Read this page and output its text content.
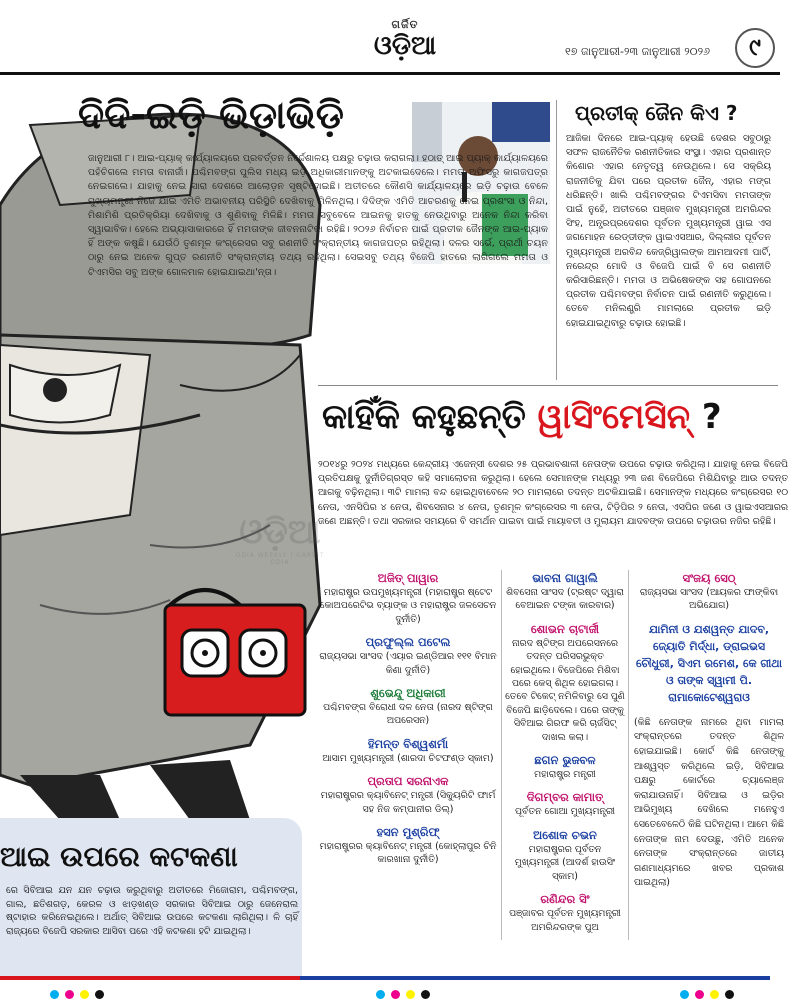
ଗର୍ଜିତ
ଓଡ଼ିଆ	୧୭ ଜାନୁଆରୀ-୨୩ ଜାନୁଆରୀ ୨୦୨୬	୯
ଦିଦି-ଇଡ଼ି ଭିଡ଼ାଭିଡ଼ି
ଜାନୁଆରୀ ୮। ଆଇ-ପ୍ୟାକ୍ କାର୍ଯ୍ୟାଳୟରେ ପ୍ରବର୍ତ୍ତନ ନିର୍ଦ୍ଦେଶାଳୟ ପକ୍ଷରୁ ଚଢ଼ାଉ କରାଗଲା। ହଠାତ୍ ଆଇ ପ୍ୟାକ୍ କାର୍ଯ୍ୟାଳୟରେ ପହଁଚିଗଲେ ମମତା ବାନାର୍ଜୀ। ପଶ୍ଚିମବଙ୍ଗ ପୁଲିସ ମଧ୍ୟ ଇଡ଼ି ଅଧିକାରୀମାନଙ୍କୁ ଅଟକାଇଦେଲେ। ମମତା ଅଫିସରୁ କାଗଜପତ୍ର ନେଇଗଲେ। ଯାହାକୁ ନେଇ ସାରା ଦେଶରେ ଆଲୋଡ଼ନ ସୃଷ୍ଟିହୋଇଛି। ଅତୀତରେ କୌଣସି କାର୍ଯ୍ୟାଳୟରେ ଇଡ଼ି ଚଢ଼ାଉ ବେଳେ ମୁଖ୍ୟମନ୍ତ୍ରୀ ନିଜେ ଯାଇ ଏମିତି ଅଭାବନୀୟ ପରିସ୍ଥିତି ଦେଖିବାକୁ ମିଳିନଥିଲା। ଦିଦିଙ୍କ ଏମିତି ଆଚରଣକୁ ନେଇ ପ୍ରଶଂସା ଓ ନିନ୍ଦା, ମିଶାମିଶି ପ୍ରତିକ୍ରିୟା ଦେଖିବାକୁ ଓ ଶୁଣିବାକୁ ମିଳିଛି। ମମତା ସବୁବେଳେ ଆଇନକୁ ହାତକୁ ନେଉଥିବାରୁ ଅନେକ ନିନ୍ଦା କରିବା ସ୍ୱାଭାବିକ। ହେଲେ ଅଭ୍ୟାସାକାରରେ ହିଁ ମମତାଙ୍କ ଜୀବନନାଟିକା ରହିଛି। ୨୦୨୬ ନିର୍ବାଚନ ପାଇଁ ପ୍ରତୀକ ଜୈନଙ୍କ ଆଇ-ପ୍ୟାକ ହିଁ ଅଙ୍କ କଷୁଛି। ଯେଉଁଠି ତୃଣମୂଳ କଂଗ୍ରେସର ସବୁ ରଣନୀତି ସଂକ୍ରାନ୍ତୀୟ କାଗଜପତ୍ର ରହିଥିଲା। ଦଳର ସର୍ଭେ, ପ୍ରାର୍ଥୀ ଚୟନ ଠାରୁ ନେଇ ଅନେକ ଗୁପ୍ତ ରଣନୀତି ସଂକ୍ରାନ୍ତୀୟ ତଥ୍ୟ ରହିଥିଲା। ସେଇସବୁ ତଥ୍ୟ ବିଜେପି ହାତରେ ଲାଗିଗଲେ ମମତା ଓ ଟିଏମସିର ସବୁ ଅଙ୍କ ଗୋଳମାଳ ହୋଇଯାଇଥା'ନ୍ତା।
ପ୍ରତୀକ୍ ଜୈନ କିଏ ?
ଆଜିକା ଦିନରେ ଆଇ-ପ୍ୟାକ୍ ହେଉଛି ଦେଶର ସବୁଠାରୁ ସଫଳ ରାଜନୈତିକ ରଣନୀତିକାର ସଂସ୍ଥା। ଏହାର ପ୍ରଶାନ୍ତ କିଶୋର ଏହାର ନେତୃତ୍ୱ ନେଉଥିଲେ। ସେ ସକ୍ରିୟ ରାଜନୀତିକୁ ଯିବା ପରେ ପ୍ରତୀକ ଜୈନ୍, ଏହାର ମଙ୍ଗ ଧରିଛନ୍ତି। ଖାଲି ପଶ୍ଚିମବଙ୍ଗର ଟିଏମସିବା ମମତାଙ୍କ ପାଇଁ ନୁହେଁ, ଅତୀତରେ ପଞ୍ଜାବ ମୁଖ୍ୟମନ୍ତ୍ରୀ ଅମରିନ୍ଦର ସିଂହ, ଅନ୍ଧ୍ରପ୍ରଦେଶର ପୂର୍ବତନ ମୁଖ୍ୟମନ୍ତ୍ରୀ ୱାଇ ଏସ ଜଗମୋହନ ରେଡ୍ଡୀଙ୍କ ୱାଇଏସଆର, ଦିଲ୍ଲୀର ପୂର୍ବତନ ମୁଖ୍ୟମନ୍ତ୍ରୀ ଅରବିନ୍ଦ କେଜ୍ରିୱାଲଙ୍କ ଆମଆଦମୀ ପାର୍ଟି, ନରେନ୍ଦ୍ର ମୋଦି ଓ ବିଜେପି ପାଇଁ ବି ସେ ରଣନୀତି କରିସାରିଛନ୍ତି। ମମତା ଓ ଅଭିଷେକଙ୍କ ସହ ଗୋପନରେ ପ୍ରତୀକ ପଶ୍ଚିମବଙ୍ଗ ନିର୍ବାଚନ ପାଇଁ ରଣନୀତି କରୁଥିଲେ। ତେବେ ମନିଲଣ୍ଡ୍ରି ମାମଲାରେ ପ୍ରତୀକ ଇଡ଼ି ହୋଇଯାଇଥିବାରୁ ଚଢ଼ାଉ ହୋଇଛି।
କାହିଁକି କହୁଛନ୍ତି ୱାସିଂମେସିନ୍ ?
୨୦୧୪ରୁ ୨୦୨୪ ମଧ୍ୟରେ କେନ୍ଦ୍ରୀୟ ଏଜେନ୍ସୀ ଦେଶର ୨୫ ପ୍ରଭାବଶାଳୀ ନେତାଙ୍କ ଉପରେ ଚଢ଼ାଉ କରିଥିଲା। ଯାହାକୁ ନେଇ ବିଜେପି ପ୍ରତିପକ୍ଷକୁ ଦୁର୍ନୀତିଗ୍ରସ୍ତ କହି ସମାଲୋଚନା କରୁଥିଲା। ହେଲେ ସେମାନଙ୍କ ମଧ୍ୟରୁ ୨୩ ଜଣ ବିଜେପିରେ ମିଶିଯିବାରୁ ଆଉ ତଦନ୍ତ ଆଗକୁ ବଢ଼ିନଥିଲା। ୩ଟି ମାମଲା ବନ୍ଦ ହୋଇଥିବାବେଳେ ୨୦ ମାମଲାରେ ତଦନ୍ତ ଅଟକିଯାଇଛି। ସେମାନଙ୍କ ମଧ୍ୟରେ କଂଗ୍ରେସର ୧୦ ନେତା, ଏନସିପିର ୪ ନେତା, ଶିବସେନାର ୪ ନେତା, ତୃଣମୂଳ କଂଗ୍ରେସର ୩ ନେତା, ଟିଡ଼ିପିର ୨ ନେତା, ଏସପିର ଜଣେ ଓ ୱାଇଏସଆରର ଜଣେ ଅଛନ୍ତି। ତଥା ସରକାର ସମୟରେ ବି ସମର୍ଥନ ପାଇବା ପାଇଁ ମାୟାବତୀ ଓ ମୁଲାୟମ ଯାଦବଙ୍କ ଉପରେ ଚଢ଼ାଉର ନଜିର ରହିଛି।
ଅଜିତ୍ ପାୱାର
ମହାରାଷ୍ଟ୍ର ଉପମୁଖ୍ୟମନ୍ତ୍ରୀ (ମହାରାଷ୍ଟ୍ର ଷ୍ଟେଟ କୋଅପରେଟିଭ ବ୍ୟାଙ୍କ ଓ ମହାରାଷ୍ଟ୍ର ଜଳସେଚନ ଦୁର୍ନୀତି)
ପ୍ରଫୁଲ୍ଲ ପଟେଲ
ରାଜ୍ୟସଭା ସାଂସଦ (ଏୟାର ଇଣ୍ଡିଆର ୧୧୧ ବିମାନ କିଣା ଦୁର୍ନୀତି)
ଶୁଭେନ୍ଦୁ ଅଧିକାରୀ
ପଶ୍ଚିମବଙ୍ଗ ବିରୋଧୀ ଦଳ ନେତା (ନାରଦ ଷ୍ଟିଙ୍ଗ ଅପରେସନ)
ହିମନ୍ତ ବିଶ୍ୱଶର୍ମା
ଆସାମ ମୁଖ୍ୟମନ୍ତ୍ରୀ (ଶାରଦା ଚିଟଫଣ୍ଡ ସ୍କାମ)
ପ୍ରତାପ ସରନାଏକ
ମହାରାଷ୍ଟ୍ରର କ୍ୟାବିନେଟ୍ ମନ୍ତ୍ରୀ (ସିକ୍ୟୁରିଟି ଫାର୍ମ ସହ ନିଜ କମ୍ପାନୀର ଡିଲ୍)
ହସନ ମୁଶ୍ରିଫ୍
ମହାରାଷ୍ଟ୍ରର କ୍ୟାବିନେଟ୍ ମନ୍ତ୍ରୀ (କୋହ୍ଲାପୁର ଚିନି କାରଖାନା ଦୁର୍ନୀତି)
ଭାବନା ଗାୱାଲି
ଶିବସେନା ସାଂସଦ (ଟ୍ରଷ୍ଟ ଦ୍ୱାରା ବେଆଇନ ଟଙ୍କା କାରବାର)
ଶୋଭନ ଚାଟାର୍ଜୀ
ନାରଦ ଷ୍ଟିଙ୍ଗ ଅପରେସନରେ ତଦନ୍ତ ପରିସରଭୁକ୍ତ ହୋଇଥିଲେ। ବିଜେପିରେ ମିଶିବା ପରେ କେସ୍ ଶିଥିଳ ହୋଇଗଲା। ତେବେ ଟିକେଟ୍ ନମିଳିବାରୁ ସେ ପୁଣି ବିଜେପି ଛାଡ଼ିଦେଲେ। ପରେ ତାଙ୍କୁ ସିବିଆଇ ଗିରଫ କରି ଚାର୍ଜସିଟ୍ ଦାଖଲ କଲା।
ଛଗନ ଭୁଜବଳ
ମହାରାଷ୍ଟ୍ର ମନ୍ତ୍ରୀ
ଦିଗମ୍ବର କାମାତ୍
ପୂର୍ବତନ ଗୋଆ ମୁଖ୍ୟମନ୍ତ୍ରୀ
ଅଶୋକ ଚଭନ
ମହାରାଷ୍ଟ୍ରର ପୂର୍ବତନ ମୁଖ୍ୟମନ୍ତ୍ରୀ (ଆଦର୍ଶ ହାଉସିଂ ସ୍କାମ)
ରଣିନ୍ଦର ସିଂ
ପଞ୍ଜାବର ପୂର୍ବତନ ମୁଖ୍ୟମନ୍ତ୍ରୀ ଅମରିନ୍ଦରଙ୍କ ପୁଅ
ସଂଜୟ ସେଠ୍
ରାଜ୍ୟସଭା ସାଂସଦ (ଆୟକର ଫାଙ୍କିବା ଅଭିଯୋଗ)
ଯାମିନୀ ଓ ଯଶୱନ୍ତ ଯାଦବ, ଜ୍ୟୋତି ମିର୍ଦ୍ଧା, ଡ୍ରାଇଭସ ଚୌଧୁରୀ, ସିଏମ ରମେଶ, କେ ଗୀଥା ଓ ତାଙ୍କ ସ୍ୱାମୀ ପି. ରାମାକୋଟେଶ୍ୱରାଓ
(କିଛି ନେତାଙ୍କ ନାମରେ ଥିବା ମାମଲା ସଂକ୍ରାନ୍ତରେ ତଦନ୍ତ ଶିଥିଳ ହୋଇଯାଇଛି। କୋର୍ଟ କିଛି ନେତାଙ୍କୁ ଆଶ୍ୱସ୍ତ କରିଥିଲେ ଇଡ଼ି, ସିବିଆଇ ପକ୍ଷରୁ କୋର୍ଟରେ ଚ୍ୟାଲେଞ୍ଜ କରାଯାଉନାହିଁ। ସିବିଆଇ ଓ ଇଡ଼ିର ଆଭିମୁଖ୍ୟ ଦେଖିଲେ ମନେହୁଏ ସେତେବେଳେଠି କିଛି ଘଟିନଥିଲା। ଆମେ କିଛି ନେତାଙ୍କ ନାମ ଦେଉଛୁ, ଏମିତି ଅନେକ ନେତାଙ୍କ ସଂକ୍ରାନ୍ତରେ ଜାତୀୟ ଗଣମାଧ୍ୟମରେ ଖବର ପ୍ରକାଶ ପାଇଥିଲା)
ଆଇ ଉପରେ କଟକଣା
ରେ ସିବିଆଇ ଯନ ଯନ ଚଢ଼ାଉ କରୁଥିବାରୁ ଅତୀତରେ ମିଜୋରାମ, ପଶ୍ଚିମବଙ୍ଗ, ଗାଲ, ଛତିଶଗଡ଼, କେରଳ ଓ ଝାଡ଼ଖଣ୍ଡ ସରକାର ସିବିଆଇ ଠାରୁ ଜେନେରାଲ ଷ୍ଟାହାର କରିନେଇଥିଲେ। ଅର୍ଥାତ୍ ସିବିଆଇ ଉପରେ କଟକଣା ଲାଗିଥିଲା। ଳି ଚାହିଁ ରାଜ୍ୟରେ ବିଜେପି ସରକାର ଆସିବା ପରେ ଏହି କଟକଣା ହଟି ଯାଇଥିଲା।
ଓଡ଼ିଆ
ODIA WEEKLY | GARVIT ODIA
